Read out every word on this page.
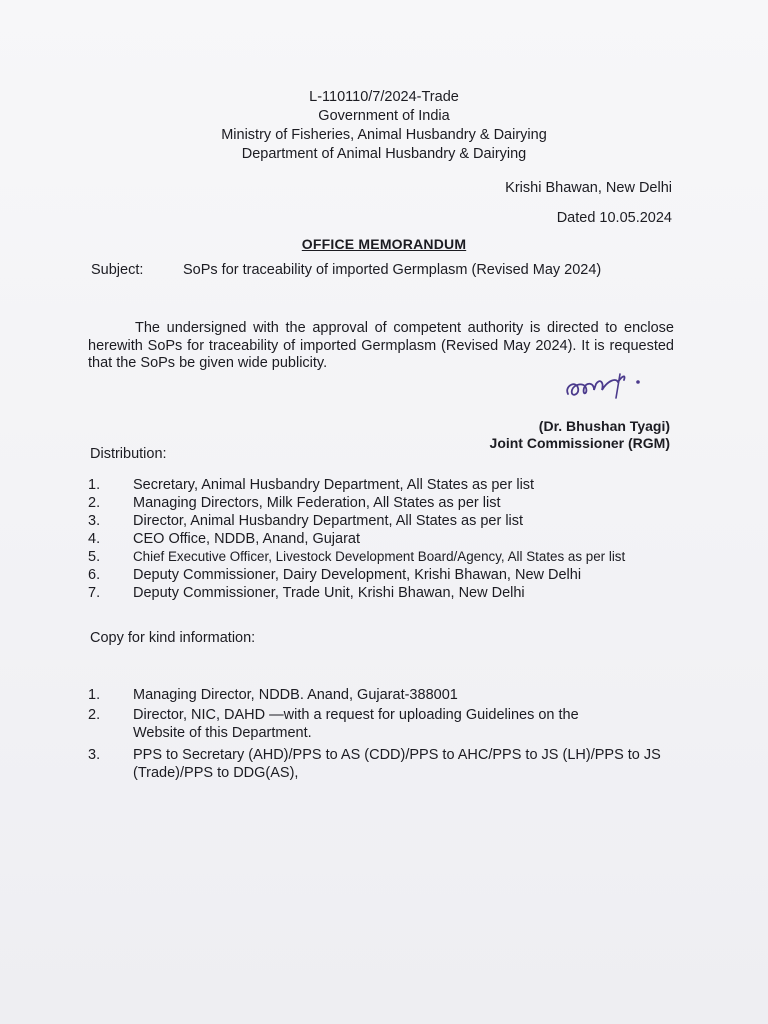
L-110110/7/2024-Trade
Government of India
Ministry of Fisheries, Animal Husbandry & Dairying
Department of Animal Husbandry & Dairying
Krishi Bhawan, New Delhi
Dated 10.05.2024
OFFICE MEMORANDUM
Subject:	SoPs for traceability of imported Germplasm (Revised May 2024)
The undersigned with the approval of competent authority is directed to enclose herewith SoPs for traceability of imported Germplasm (Revised May 2024). It is requested that the SoPs be given wide publicity.
(Dr. Bhushan Tyagi)
Joint Commissioner (RGM)
Distribution:
1. Secretary, Animal Husbandry Department, All States as per list
2. Managing Directors, Milk Federation, All States as per list
3. Director, Animal Husbandry Department, All States as per list
4. CEO Office, NDDB, Anand, Gujarat
5. Chief Executive Officer, Livestock Development Board/Agency, All States as per list
6. Deputy Commissioner, Dairy Development, Krishi Bhawan, New Delhi
7. Deputy Commissioner, Trade Unit, Krishi Bhawan, New Delhi
Copy for kind information:
1. Managing Director, NDDB. Anand, Gujarat-388001
2. Director, NIC, DAHD —with a request for uploading Guidelines on the Website of this Department.
3. PPS to Secretary (AHD)/PPS to AS (CDD)/PPS to AHC/PPS to JS (LH)/PPS to JS (Trade)/PPS to DDG(AS),
